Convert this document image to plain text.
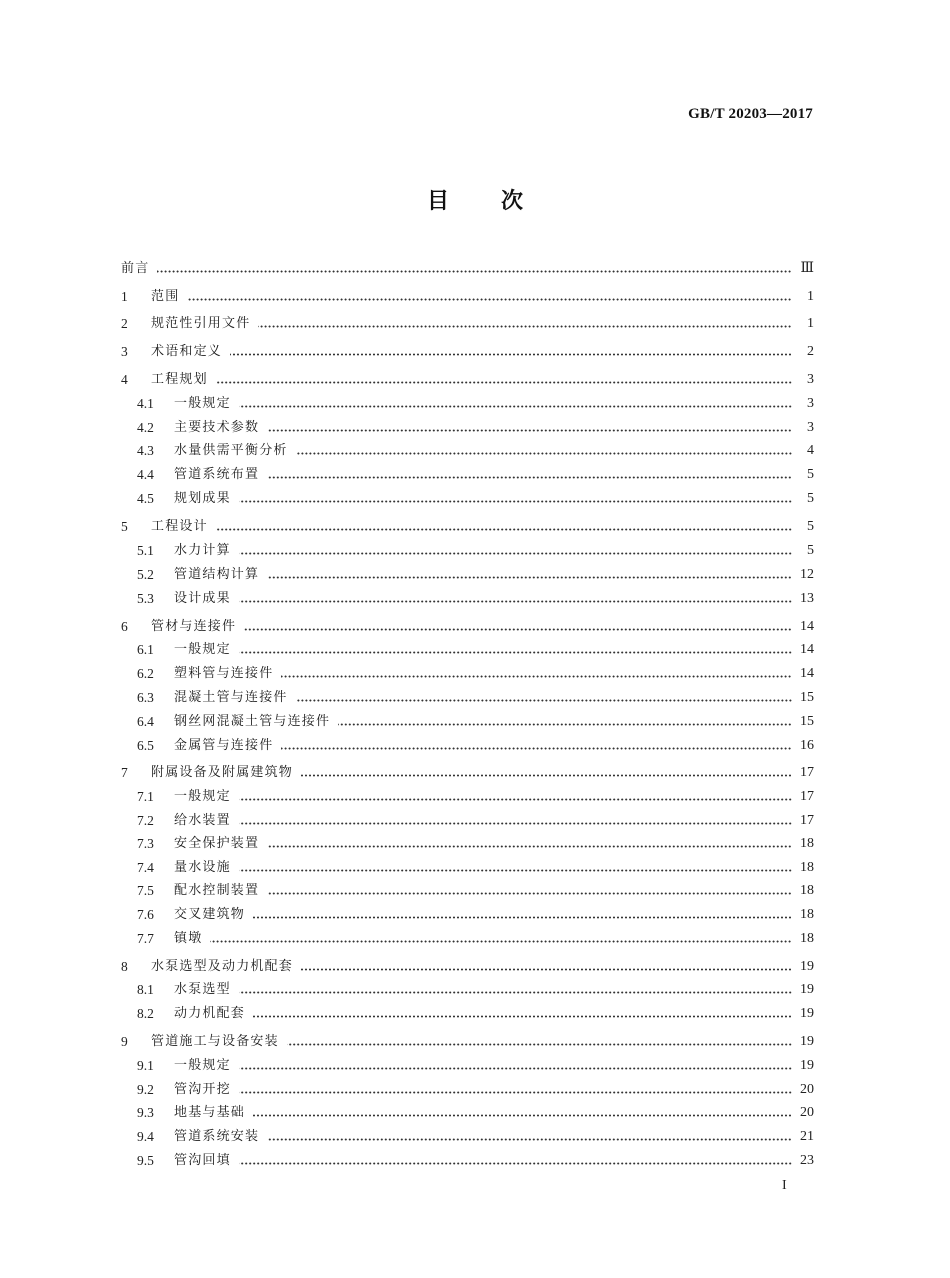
GB/T 20203—2017
目 次
前言	Ⅲ
1	范围	1
2	规范性引用文件	1
3	术语和定义	2
4	工程规划	3
4.1	一般规定	3
4.2	主要技术参数	3
4.3	水量供需平衡分析	4
4.4	管道系统布置	5
4.5	规划成果	5
5	工程设计	5
5.1	水力计算	5
5.2	管道结构计算	12
5.3	设计成果	13
6	管材与连接件	14
6.1	一般规定	14
6.2	塑料管与连接件	14
6.3	混凝土管与连接件	15
6.4	钢丝网混凝土管与连接件	15
6.5	金属管与连接件	16
7	附属设备及附属建筑物	17
7.1	一般规定	17
7.2	给水装置	17
7.3	安全保护装置	18
7.4	量水设施	18
7.5	配水控制装置	18
7.6	交叉建筑物	18
7.7	镇墩	18
8	水泵选型及动力机配套	19
8.1	水泵选型	19
8.2	动力机配套	19
9	管道施工与设备安装	19
9.1	一般规定	19
9.2	管沟开挖	20
9.3	地基与基础	20
9.4	管道系统安装	21
9.5	管沟回填	23
I
